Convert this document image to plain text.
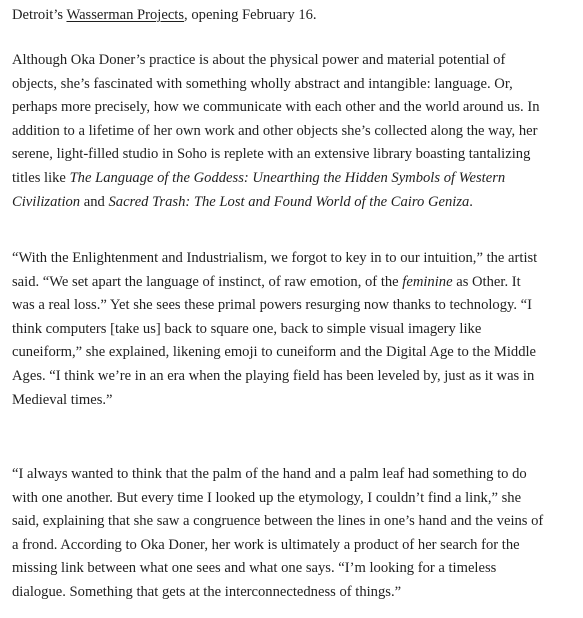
Detroit’s Wasserman Projects, opening February 16.
Although Oka Doner’s practice is about the physical power and material potential of
objects, she’s fascinated with something wholly abstract and intangible: language. Or,
perhaps more precisely, how we communicate with each other and the world around us. In
addition to a lifetime of her own work and other objects she’s collected along the way, her
serene, light-filled studio in Soho is replete with an extensive library boasting tantalizing
titles like The Language of the Goddess: Unearthing the Hidden Symbols of Western
Civilization and Sacred Trash: The Lost and Found World of the Cairo Geniza.
“With the Enlightenment and Industrialism, we forgot to key in to our intuition,” the artist
said. “We set apart the language of instinct, of raw emotion, of the feminine as Other. It
was a real loss.” Yet she sees these primal powers resurging now thanks to technology. “I
think computers [take us] back to square one, back to simple visual imagery like
cuneiform,” she explained, likening emoji to cuneiform and the Digital Age to the Middle
Ages. “I think we’re in an era when the playing field has been leveled by, just as it was in
Medieval times.”
“I always wanted to think that the palm of the hand and a palm leaf had something to do
with one another. But every time I looked up the etymology, I couldn’t find a link,” she
said, explaining that she saw a congruence between the lines in one’s hand and the veins of
a frond. According to Oka Doner, her work is ultimately a product of her search for the
missing link between what one sees and what one says. “I’m looking for a timeless
dialogue. Something that gets at the interconnectedness of things.”
